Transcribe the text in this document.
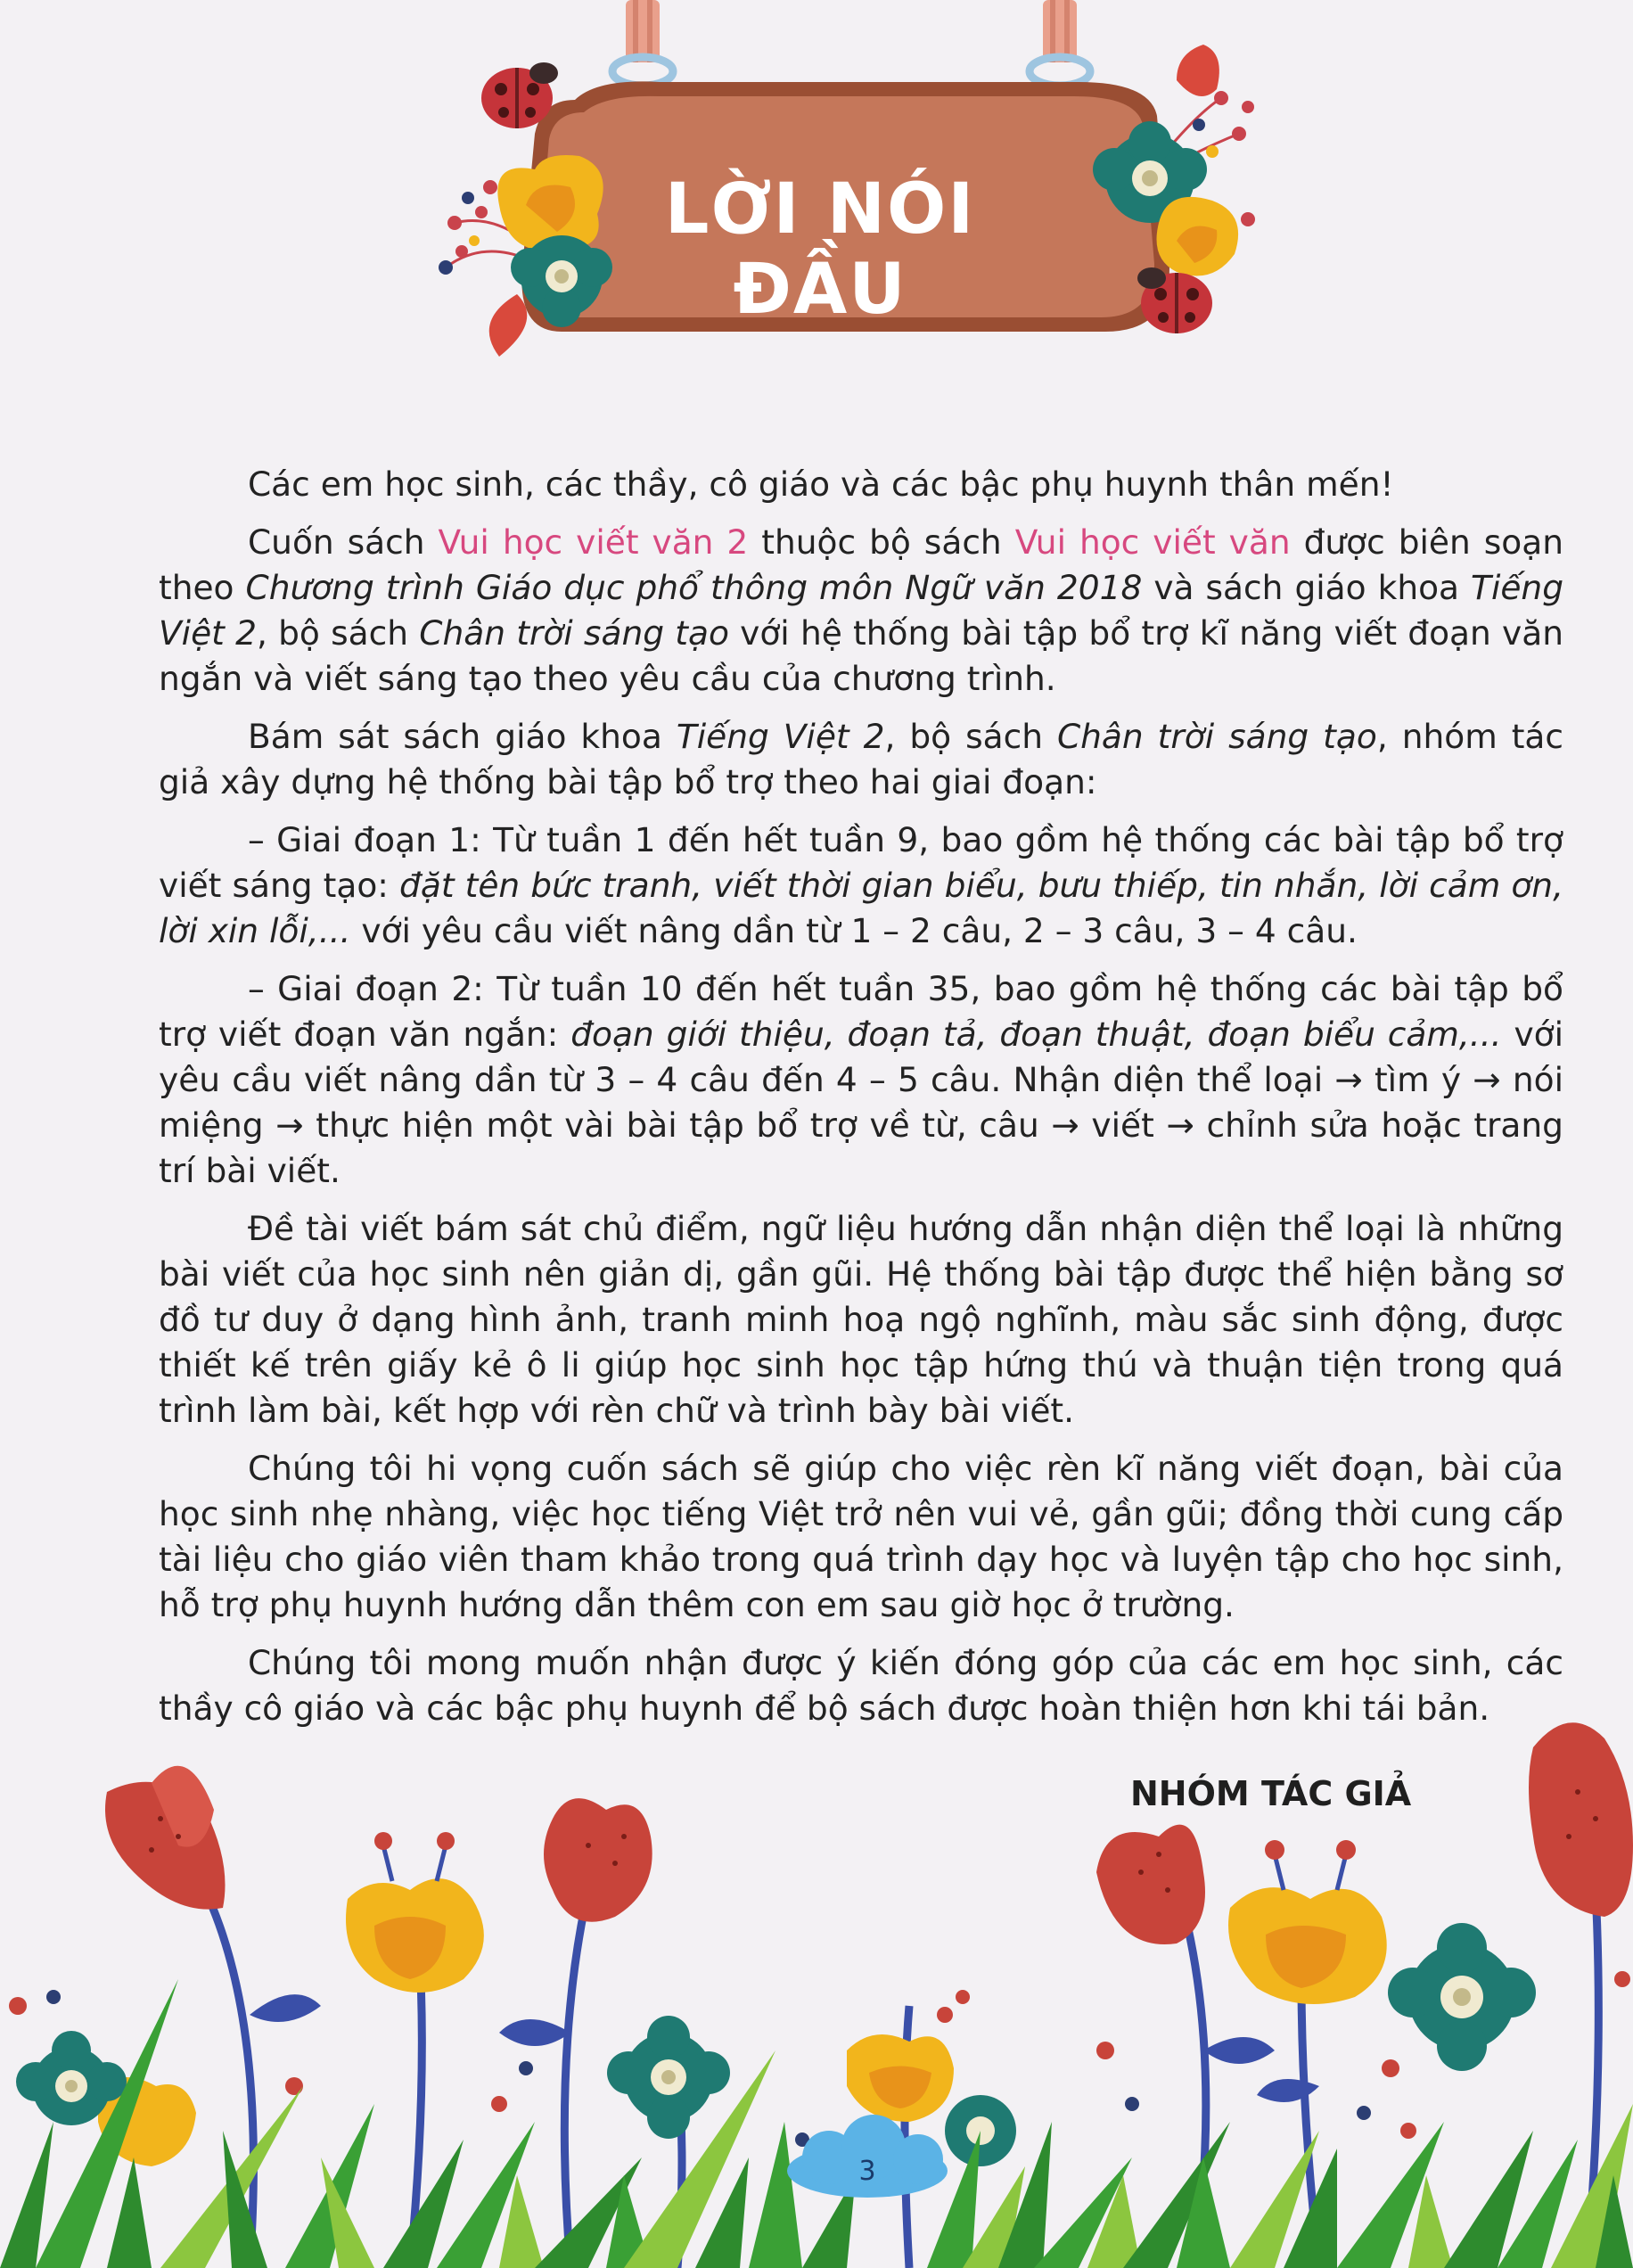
LỜI NÓI ĐẦU

Các em học sinh, các thầy, cô giáo và các bậc phụ huynh thân mến!

Cuốn sách Vui học viết văn 2 thuộc bộ sách Vui học viết văn được biên soạn theo Chương trình Giáo dục phổ thông môn Ngữ văn 2018 và sách giáo khoa Tiếng Việt 2, bộ sách Chân trời sáng tạo với hệ thống bài tập bổ trợ kĩ năng viết đoạn văn ngắn và viết sáng tạo theo yêu cầu của chương trình.

Bám sát sách giáo khoa Tiếng Việt 2, bộ sách Chân trời sáng tạo, nhóm tác giả xây dựng hệ thống bài tập bổ trợ theo hai giai đoạn:

– Giai đoạn 1: Từ tuần 1 đến hết tuần 9, bao gồm hệ thống các bài tập bổ trợ viết sáng tạo: đặt tên bức tranh, viết thời gian biểu, bưu thiếp, tin nhắn, lời cảm ơn, lời xin lỗi,... với yêu cầu viết nâng dần từ 1 – 2 câu, 2 – 3 câu, 3 – 4 câu.

– Giai đoạn 2: Từ tuần 10 đến hết tuần 35, bao gồm hệ thống các bài tập bổ trợ viết đoạn văn ngắn: đoạn giới thiệu, đoạn tả, đoạn thuật, đoạn biểu cảm,... với yêu cầu viết nâng dần từ 3 – 4 câu đến 4 – 5 câu. Nhận diện thể loại → tìm ý → nói miệng → thực hiện một vài bài tập bổ trợ về từ, câu → viết → chỉnh sửa hoặc trang trí bài viết.

Đề tài viết bám sát chủ điểm, ngữ liệu hướng dẫn nhận diện thể loại là những bài viết của học sinh nên giản dị, gần gũi. Hệ thống bài tập được thể hiện bằng sơ đồ tư duy ở dạng hình ảnh, tranh minh hoạ ngộ nghĩnh, màu sắc sinh động, được thiết kế trên giấy kẻ ô li giúp học sinh học tập hứng thú và thuận tiện trong quá trình làm bài, kết hợp với rèn chữ và trình bày bài viết.

Chúng tôi hi vọng cuốn sách sẽ giúp cho việc rèn kĩ năng viết đoạn, bài của học sinh nhẹ nhàng, việc học tiếng Việt trở nên vui vẻ, gần gũi; đồng thời cung cấp tài liệu cho giáo viên tham khảo trong quá trình dạy học và luyện tập cho học sinh, hỗ trợ phụ huynh hướng dẫn thêm con em sau giờ học ở trường.

Chúng tôi mong muốn nhận được ý kiến đóng góp của các em học sinh, các thầy cô giáo và các bậc phụ huynh để bộ sách được hoàn thiện hơn khi tái bản.

NHÓM TÁC GIẢ
3
